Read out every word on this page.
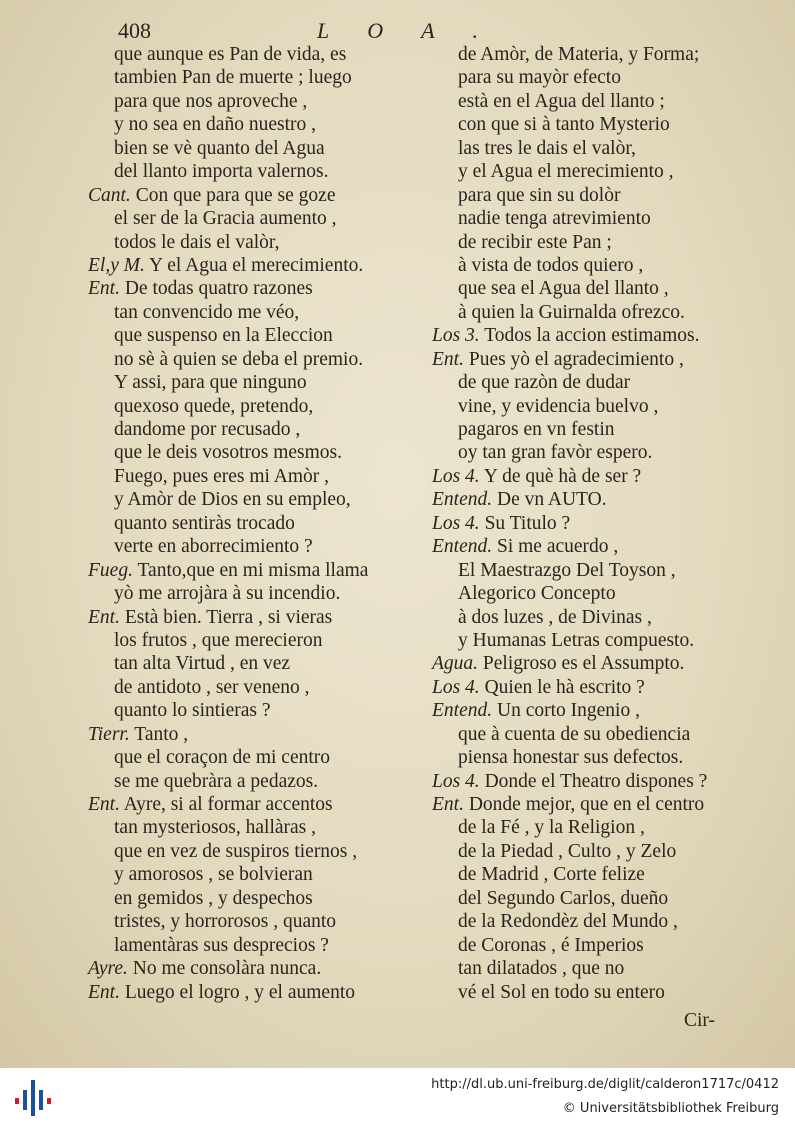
408	LOA.
que aunque es Pan de vida, es
tambien Pan de muerte ; luego
para que nos aproveche ,
y no sea en daño nuestro ,
bien se vè quanto del Agua
del llanto importa valernos.
Cant. Con que para que se goze
el ser de la Gracia aumento ,
todos le dais el valòr,
El,y M. Y el Agua el merecimiento.
Ent. De todas quatro razones
tan convencido me véo,
que suspenso en la Eleccion
no sè à quien se deba el premio.
Y assi, para que ninguno
quexoso quede, pretendo,
dandome por recusado ,
que le deis vosotros mesmos.
Fuego, pues eres mi Amòr ,
y Amòr de Dios en su empleo,
quanto sentiràs trocado
verte en aborrecimiento ?
Fueg. Tanto,que en mi misma llama
yò me arrojàra à su incendio.
Ent. Està bien. Tierra , si vieras
los frutos , que merecieron
tan alta Virtud , en vez
de antidoto , ser veneno ,
quanto lo sintieras ?
Tierr. Tanto ,
que el coraçon de mi centro
se me quebràra a pedazos.
Ent. Ayre, si al formar accentos
tan mysteriosos, hallàras ,
que en vez de suspiros tiernos ,
y amorosos , se bolvieran
en gemidos , y despechos
tristes, y horrorosos , quanto
lamentàras sus desprecios ?
Ayre. No me consolàra nunca.
Ent. Luego el logro , y el aumento
de Amòr, de Materia, y Forma;
para su mayòr efecto
està en el Agua del llanto ;
con que si à tanto Mysterio
las tres le dais el valòr,
y el Agua el merecimiento ,
para que sin su dolòr
nadie tenga atrevimiento
de recibir este Pan ;
à vista de todos quiero ,
que sea el Agua del llanto ,
à quien la Guirnalda ofrezco.
Los 3. Todos la accion estimamos.
Ent. Pues yò el agradecimiento ,
de que razòn de dudar
vine, y evidencia buelvo ,
pagaros en vn festin
oy tan gran favòr espero.
Los 4. Y de què hà de ser ?
Entend. De vn AUTO.
Los 4. Su Titulo ?
Entend. Si me acuerdo ,
El Maestrazgo Del Toyson ,
Alegorico Concepto
à dos luzes , de Divinas ,
y Humanas Letras compuesto.
Agua. Peligroso es el Assumpto.
Los 4. Quien le hà escrito ?
Entend. Un corto Ingenio ,
que à cuenta de su obediencia
piensa honestar sus defectos.
Los 4. Donde el Theatro dispones ?
Ent. Donde mejor, que en el centro
de la Fé , y la Religion ,
de la Piedad , Culto , y Zelo
de Madrid , Corte felize
del Segundo Carlos, dueño
de la Redondèz del Mundo ,
de Coronas , é Imperios
tan dilatados , que no
vé el Sol en todo su entero
Cir-
http://dl.ub.uni-freiburg.de/diglit/calderon1717c/0412
© Universitätsbibliothek Freiburg
